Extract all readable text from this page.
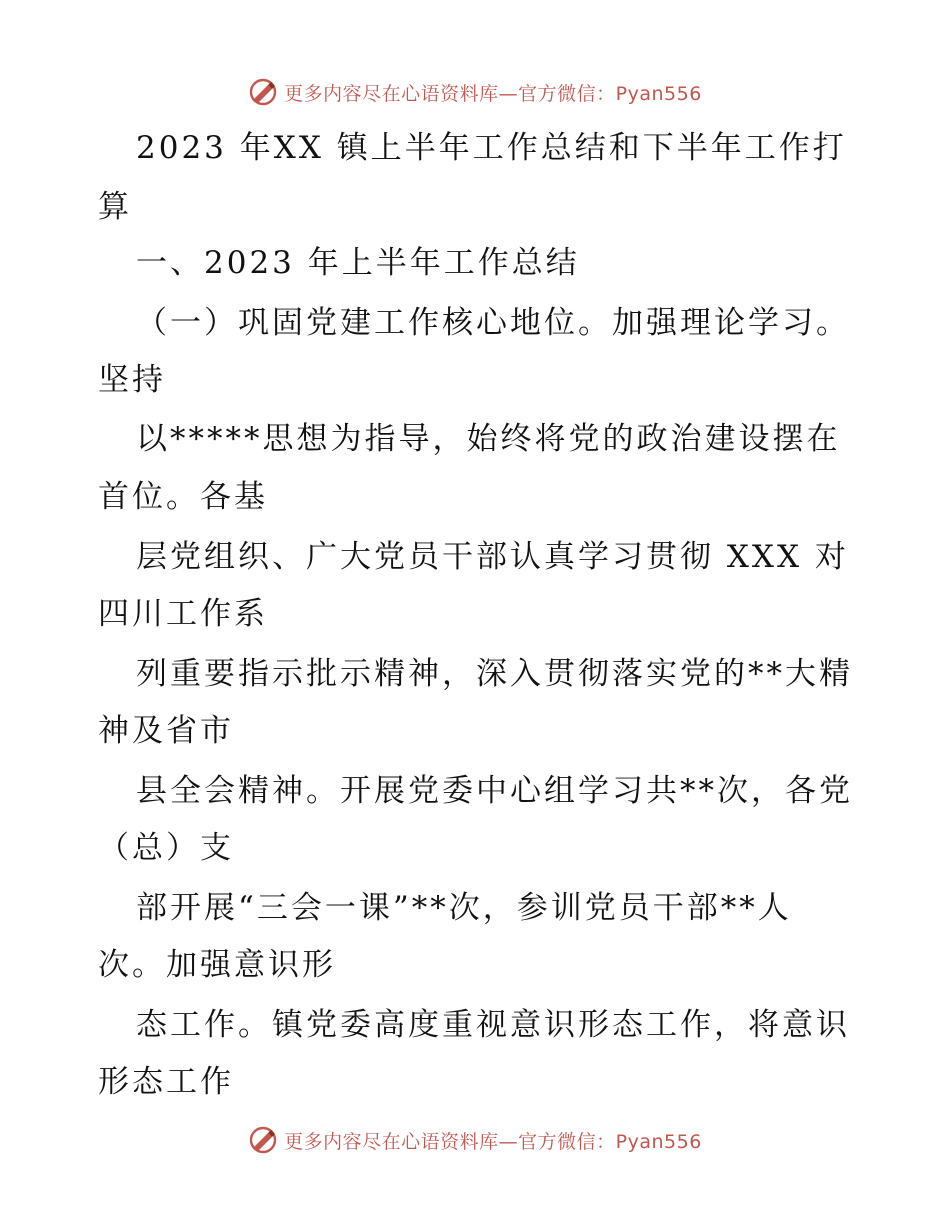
更多内容尽在心语资料库—官方微信：Pyan556
2023 年XX 镇上半年工作总结和下半年工作打
算
一、2023 年上半年工作总结
（一）巩固党建工作核心地位。加强理论学习。
坚持
以*****思想为指导，始终将党的政治建设摆在
首位。各基
层党组织、广大党员干部认真学习贯彻 XXX 对
四川工作系
列重要指示批示精神，深入贯彻落实党的**大精
神及省市
县全会精神。开展党委中心组学习共**次，各党
（总）支
部开展“三会一课”**次，参训党员干部**人
次。加强意识形
态工作。镇党委高度重视意识形态工作，将意识
形态工作
更多内容尽在心语资料库—官方微信：Pyan556
